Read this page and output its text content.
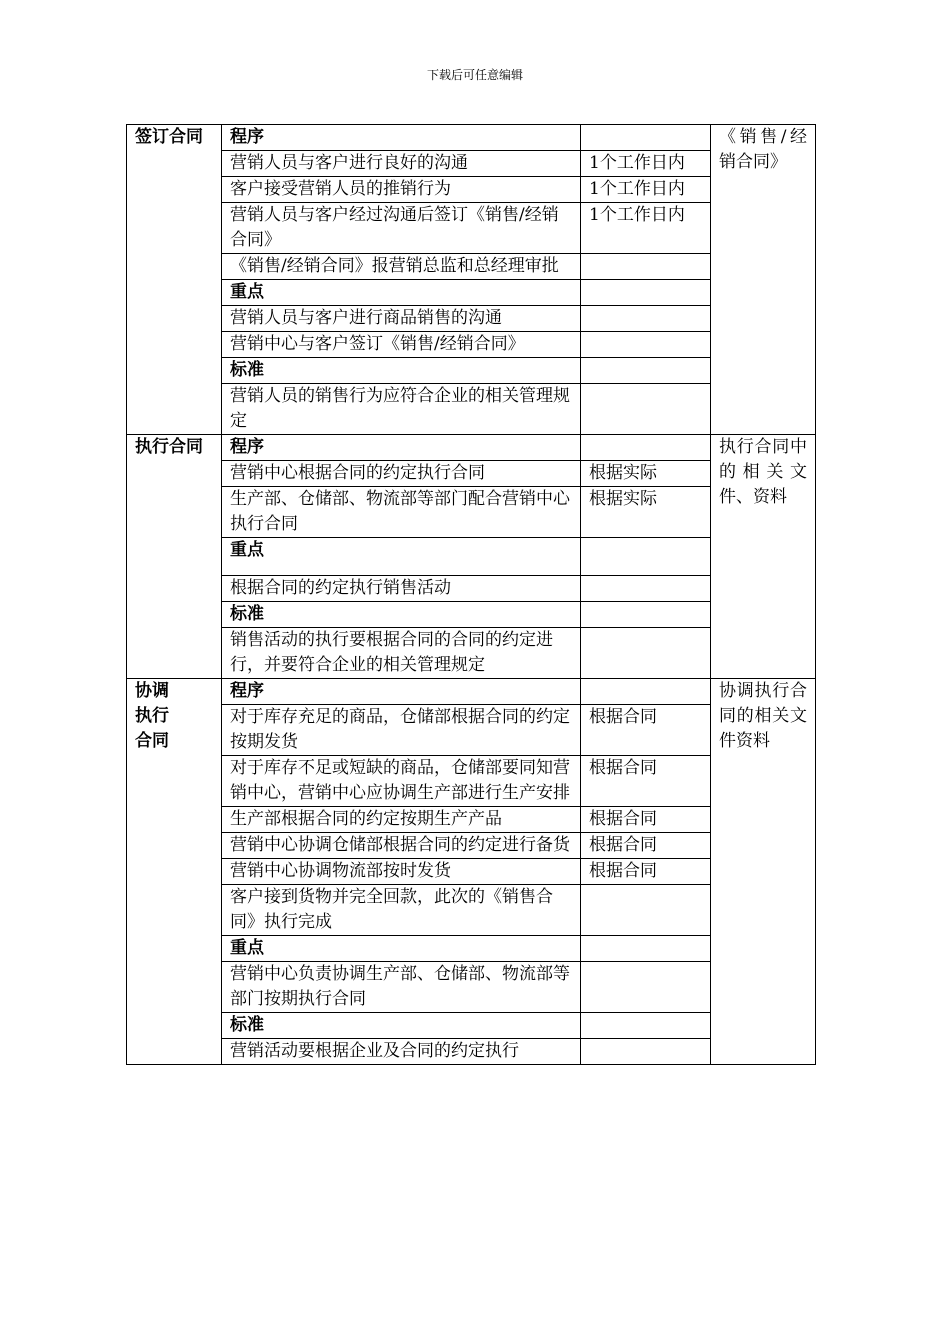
下载后可任意编辑
签订合同	程序		《销售/经销合同》
	营销人员与客户进行良好的沟通	1个工作日内	
	客户接受营销人员的推销行为	1个工作日内	
	营销人员与客户经过沟通后签订《销售/经销合同》	1个工作日内	
	《销售/经销合同》报营销总监和总经理审批		
	重点		
	营销人员与客户进行商品销售的沟通		
	营销中心与客户签订《销售/经销合同》		
	标准		
	营销人员的销售行为应符合企业的相关管理规定		
执行合同	程序		执行合同中的相关文件、资料
	营销中心根据合同的约定执行合同	根据实际	
	生产部、仓储部、物流部等部门配合营销中心执行合同	根据实际	
	重点		
	根据合同的约定执行销售活动		
	标准		
	销售活动的执行要根据合同的合同的约定进行，并要符合企业的相关管理规定		

协调
执行
合同	程序		协调执行合同的相关文件资料
	对于库存充足的商品，仓储部根据合同的约定按期发货	根据合同	
	对于库存不足或短缺的商品，仓储部要同知营销中心，营销中心应协调生产部进行生产安排	根据合同	
	生产部根据合同的约定按期生产产品	根据合同	
	营销中心协调仓储部根据合同的约定进行备货	根据合同	
	营销中心协调物流部按时发货	根据合同	
	客户接到货物并完全回款，此次的《销售合同》执行完成		
	重点		
	营销中心负责协调生产部、仓储部、物流部等部门按期执行合同		
	标准		
	营销活动要根据企业及合同的约定执行		
